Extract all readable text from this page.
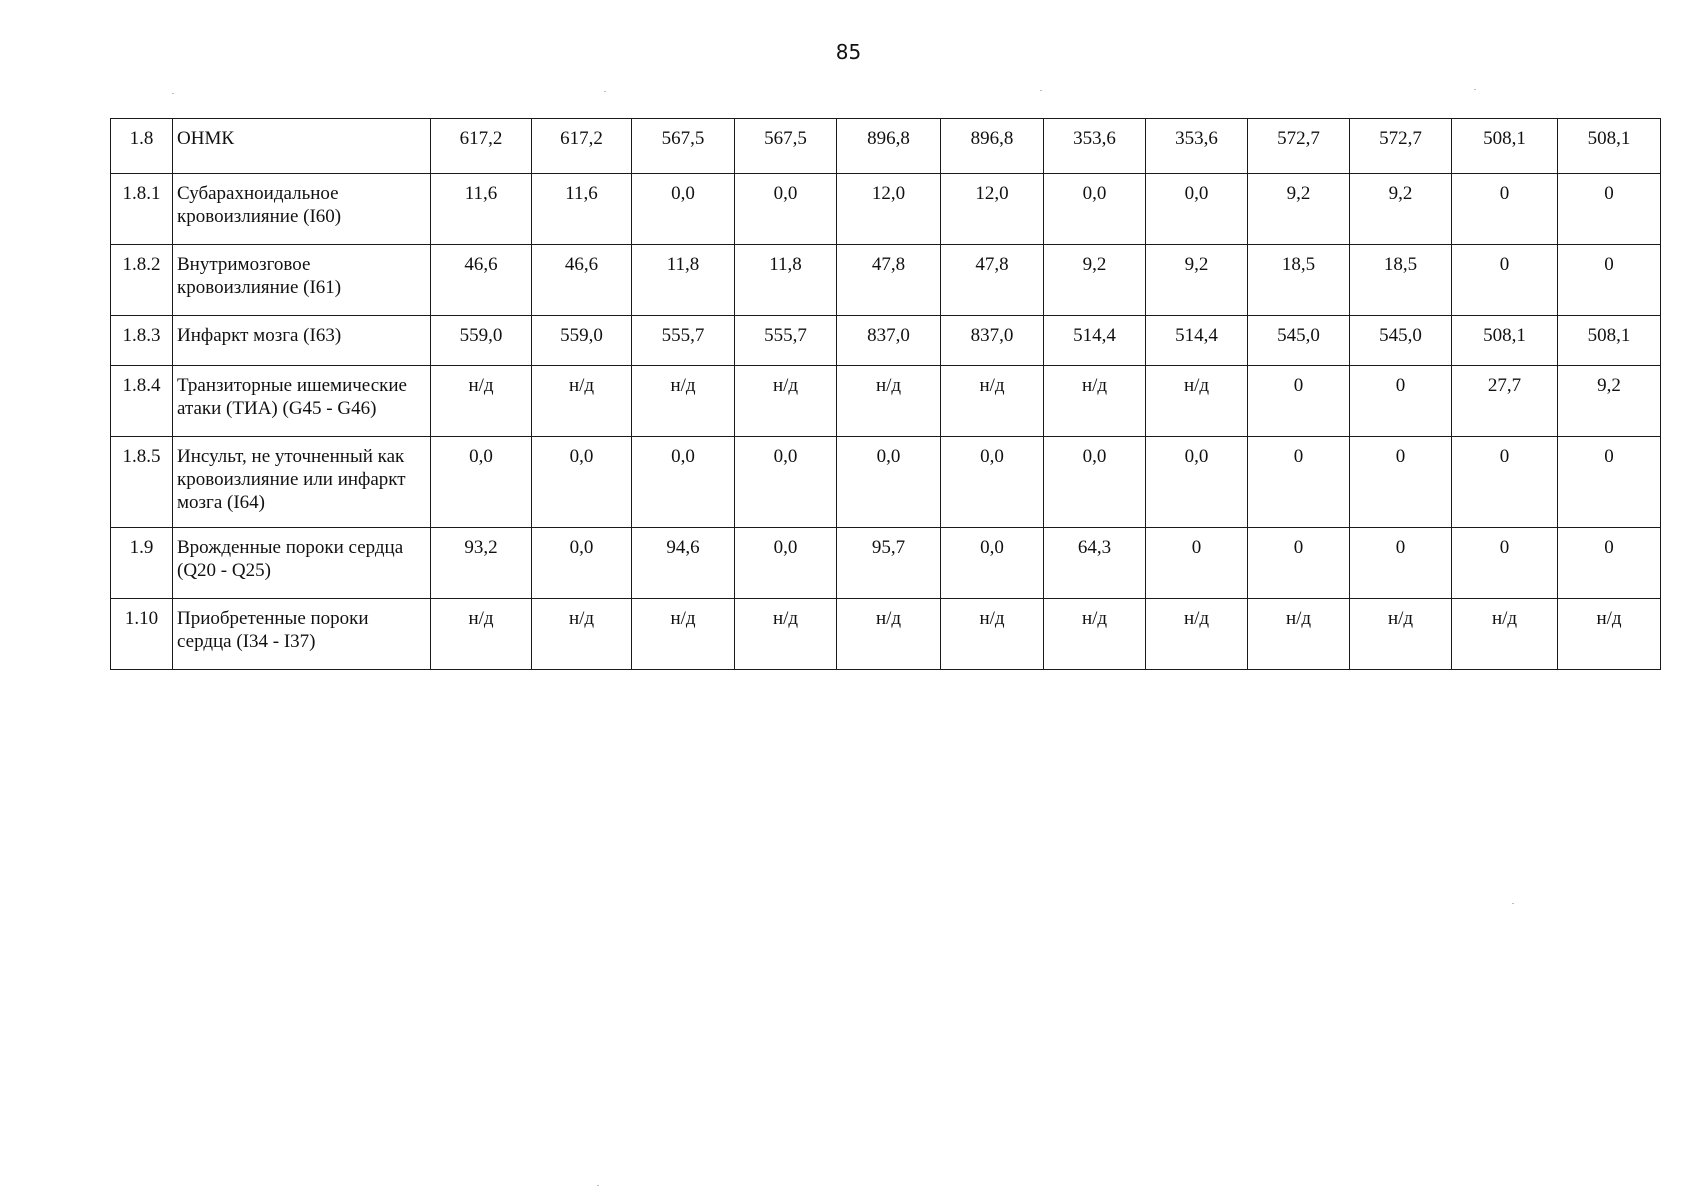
85
1.8	ОНМК	617,2	617,2	567,5	567,5	896,8	896,8	353,6	353,6	572,7	572,7	508,1	508,1
1.8.1	Субарахноидальное кровоизлияние (I60)	11,6	11,6	0,0	0,0	12,0	12,0	0,0	0,0	9,2	9,2	0	0
1.8.2	Внутримозговое кровоизлияние (I61)	46,6	46,6	11,8	11,8	47,8	47,8	9,2	9,2	18,5	18,5	0	0
1.8.3	Инфаркт мозга (I63)	559,0	559,0	555,7	555,7	837,0	837,0	514,4	514,4	545,0	545,0	508,1	508,1
1.8.4	Транзиторные ишемические атаки (ТИА) (G45 - G46)	н/д	н/д	н/д	н/д	н/д	н/д	н/д	н/д	0	0	27,7	9,2
1.8.5	Инсульт, не уточненный как кровоизлияние или инфаркт мозга (I64)	0,0	0,0	0,0	0,0	0,0	0,0	0,0	0,0	0	0	0	0
1.9	Врожденные пороки сердца (Q20 - Q25)	93,2	0,0	94,6	0,0	95,7	0,0	64,3	0	0	0	0	0
1.10	Приобретенные пороки сердца (I34 - I37)	н/д	н/д	н/д	н/д	н/д	н/д	н/д	н/д	н/д	н/д	н/д	н/д
